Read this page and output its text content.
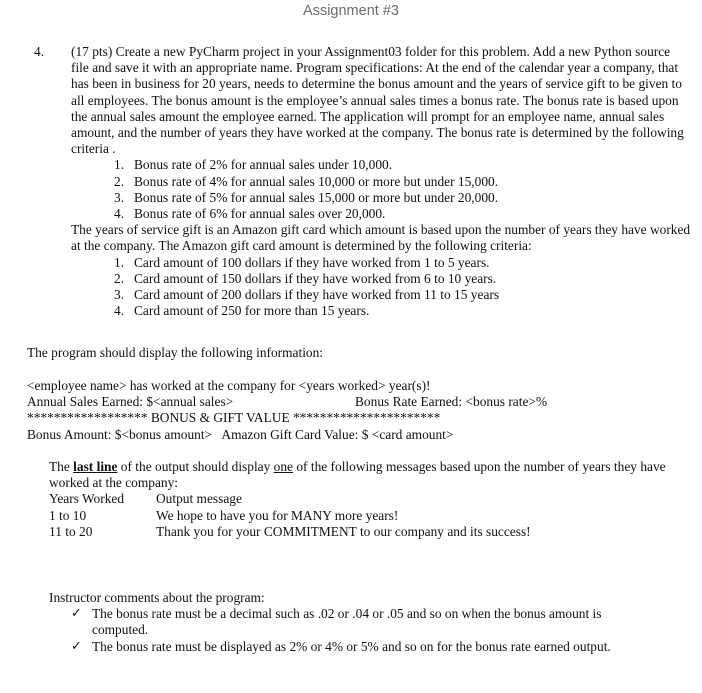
Assignment #3
4. (17 pts) Create a new PyCharm project in your Assignment03 folder for this problem. Add a new Python source file and save it with an appropriate name. Program specifications: At the end of the calendar year a company, that has been in business for 20 years, needs to determine the bonus amount and the years of service gift to be given to all employees. The bonus amount is the employee’s annual sales times a bonus rate. The bonus rate is based upon the annual sales amount the employee earned. The application will prompt for an employee name, annual sales amount, and the number of years they have worked at the company. The bonus rate is determined by the following criteria .
1. Bonus rate of 2% for annual sales under 10,000.
2. Bonus rate of 4% for annual sales 10,000 or more but under 15,000.
3. Bonus rate of 5% for annual sales 15,000 or more but under 20,000.
4. Bonus rate of 6% for annual sales over 20,000.
The years of service gift is an Amazon gift card which amount is based upon the number of years they have worked at the company. The Amazon gift card amount is determined by the following criteria:
1. Card amount of 100 dollars if they have worked from 1 to 5 years.
2. Card amount of 150 dollars if they have worked from 6 to 10 years.
3. Card amount of 200 dollars if they have worked from 11 to 15 years
4. Card amount of 250 for more than 15 years.
The program should display the following information:
<employee name> has worked at the company for <years worked> year(s)!
Annual Sales Earned: $<annual sales>	Bonus Rate Earned: <bonus rate>%
****************** BONUS & GIFT VALUE **********************
Bonus Amount: $<bonus amount>   Amazon Gift Card Value: $ <card amount>
The last line of the output should display one of the following messages based upon the number of years they have worked at the company:
Years Worked	Output message
1 to 10	We hope to have you for MANY more years!
11 to 20	Thank you for your COMMITMENT to our company and its success!
Instructor comments about the program:
✓ The bonus rate must be a decimal such as .02 or .04 or .05 and so on when the bonus amount is computed.
✓ The bonus rate must be displayed as 2% or 4% or 5% and so on for the bonus rate earned output.
